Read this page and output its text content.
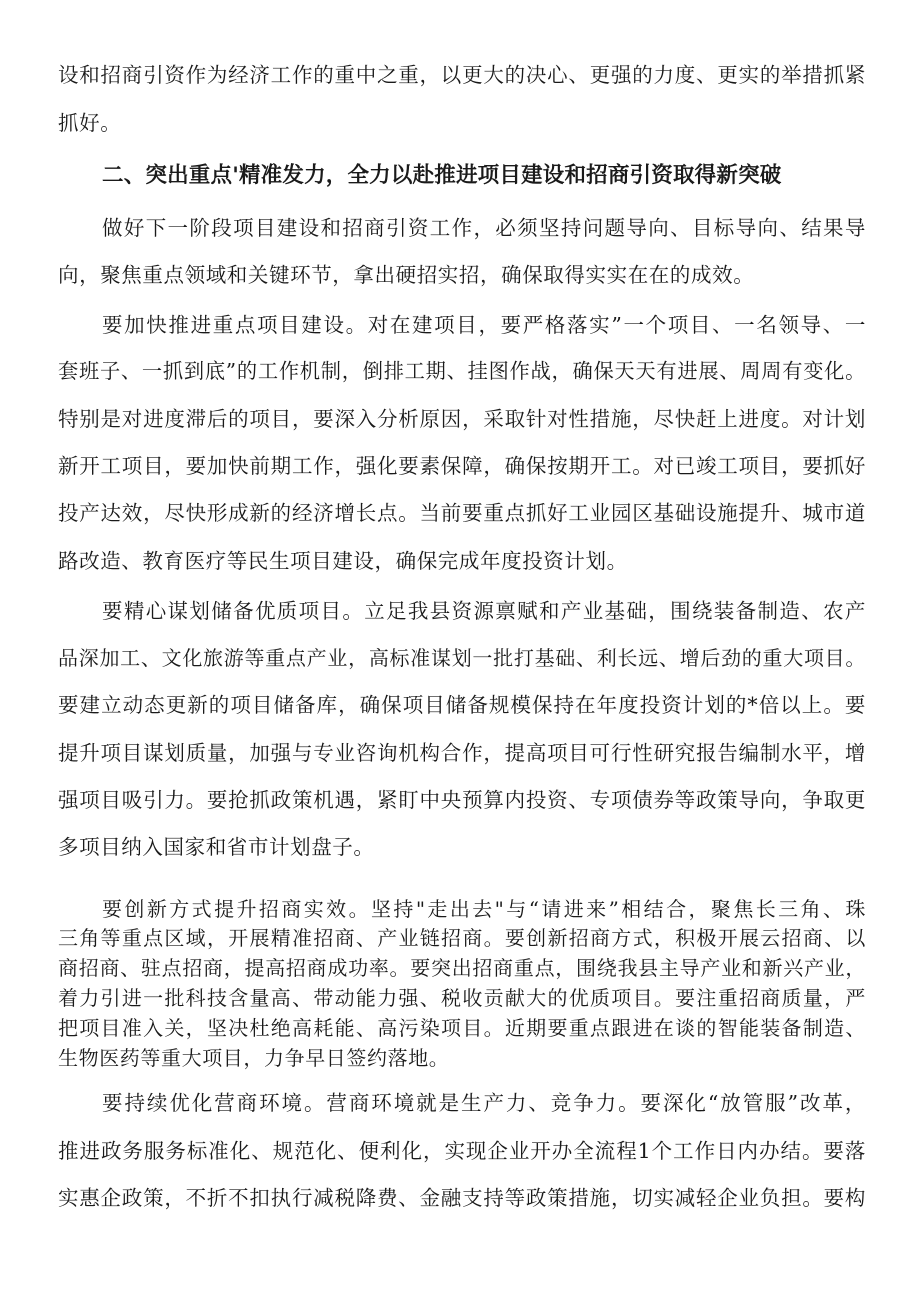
设和招商引资作为经济工作的重中之重，以更大的决心、更强的力度、更实的举措抓紧
抓好。
二、突出重点'精准发力，全力以赴推进项目建设和招商引资取得新突破
做好下一阶段项目建设和招商引资工作，必须坚持问题导向、目标导向、结果导
向，聚焦重点领域和关键环节，拿出硬招实招，确保取得实实在在的成效。
要加快推进重点项目建设。对在建项目，要严格落实”一个项目、一名领导、一
套班子、一抓到底”的工作机制，倒排工期、挂图作战，确保天天有进展、周周有变化。
特别是对进度滞后的项目，要深入分析原因，采取针对性措施，尽快赶上进度。对计划
新开工项目，要加快前期工作，强化要素保障，确保按期开工。对已竣工项目，要抓好
投产达效，尽快形成新的经济增长点。当前要重点抓好工业园区基础设施提升、城市道
路改造、教育医疗等民生项目建设，确保完成年度投资计划。
要精心谋划储备优质项目。立足我县资源禀赋和产业基础，围绕装备制造、农产
品深加工、文化旅游等重点产业，高标准谋划一批打基础、利长远、增后劲的重大项目。
要建立动态更新的项目储备库，确保项目储备规模保持在年度投资计划的*倍以上。要
提升项目谋划质量，加强与专业咨询机构合作，提高项目可行性研究报告编制水平，增
强项目吸引力。要抢抓政策机遇，紧盯中央预算内投资、专项债券等政策导向，争取更
多项目纳入国家和省市计划盘子。
要创新方式提升招商实效。坚持"走出去"与“请进来”相结合，聚焦长三角、珠
三角等重点区域，开展精准招商、产业链招商。要创新招商方式，积极开展云招商、以
商招商、驻点招商，提高招商成功率。要突出招商重点，围绕我县主导产业和新兴产业，
着力引进一批科技含量高、带动能力强、税收贡献大的优质项目。要注重招商质量，严
把项目准入关，坚决杜绝高耗能、高污染项目。近期要重点跟进在谈的智能装备制造、
生物医药等重大项目，力争早日签约落地。
要持续优化营商环境。营商环境就是生产力、竞争力。要深化“放管服”改革，
推进政务服务标准化、规范化、便利化，实现企业开办全流程1个工作日内办结。要落
实惠企政策，不折不扣执行减税降费、金融支持等政策措施，切实减轻企业负担。要构
